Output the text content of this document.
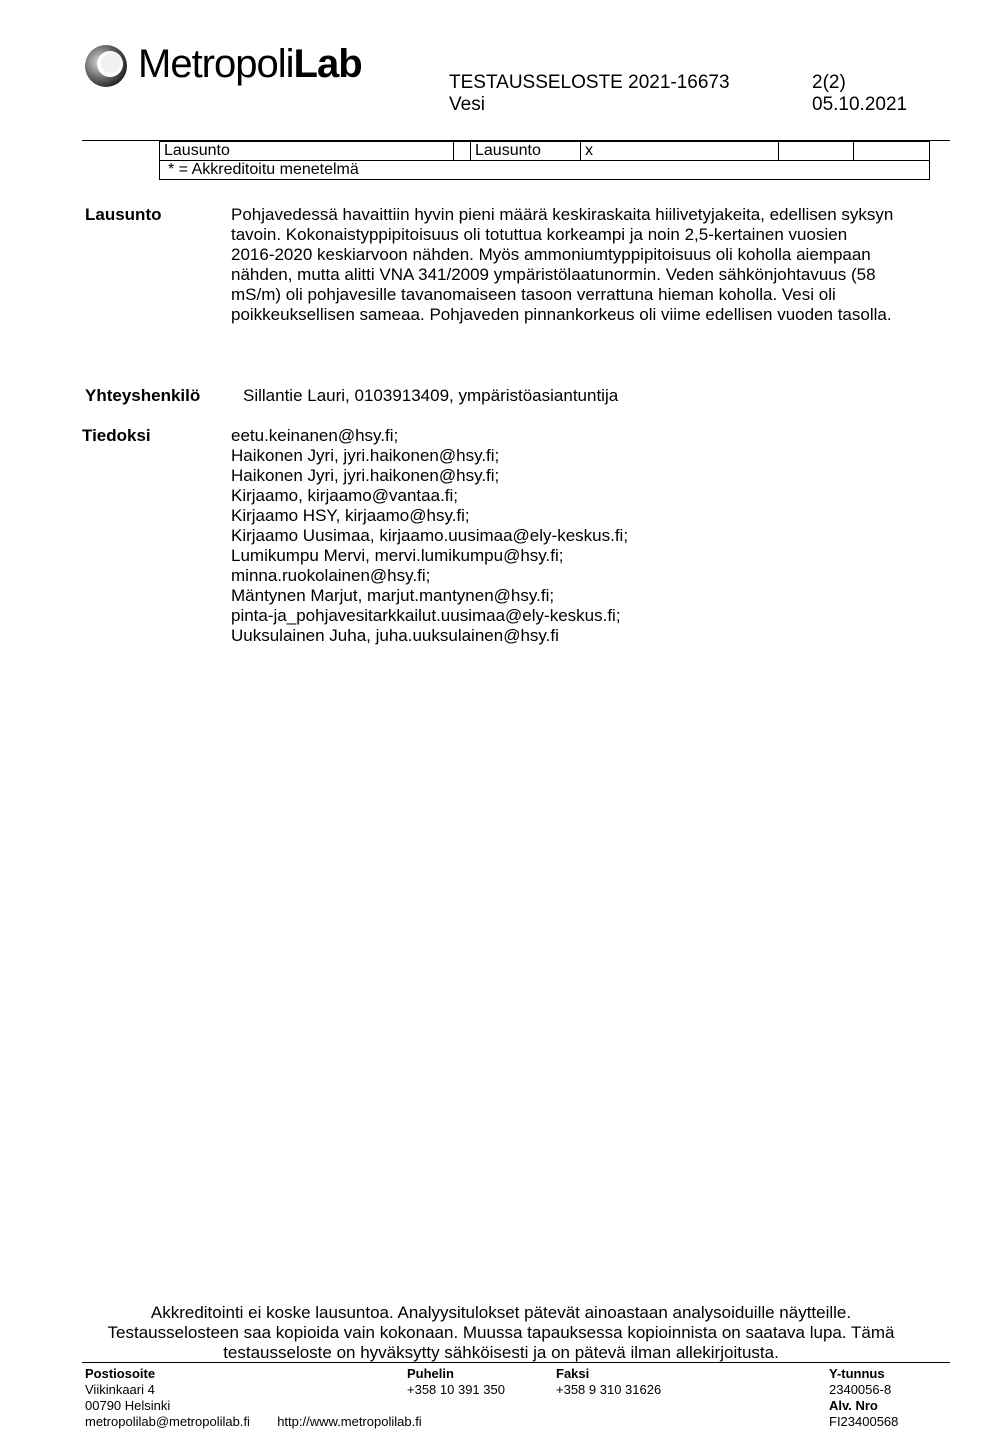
MetropoliLab	TESTAUSSELOSTE 2021-16673
Vesi
2(2)
05.10.2021
Lausunto		Lausunto	x		
* = Akkreditoitu menetelmä
Lausunto	Pohjavedessä havaittiin hyvin pieni määrä keskiraskaita hiilivetyjakeita, edellisen syksyn
tavoin. Kokonaistyppipitoisuus oli totuttua korkeampi ja noin 2,5-kertainen vuosien
2016-2020 keskiarvoon nähden. Myös ammoniumtyppipitoisuus oli koholla aiempaan
nähden, mutta alitti VNA 341/2009 ympäristölaatunormin. Veden sähkönjohtavuus (58
mS/m) oli pohjavesille tavanomaiseen tasoon verrattuna hieman koholla. Vesi oli
poikkeuksellisen sameaa. Pohjaveden pinnankorkeus oli viime edellisen vuoden tasolla.
Yhteyshenkilö	Sillantie Lauri, 0103913409, ympäristöasiantuntija
Tiedoksi	eetu.keinanen@hsy.fi;
Haikonen Jyri, jyri.haikonen@hsy.fi;
Haikonen Jyri, jyri.haikonen@hsy.fi;
Kirjaamo, kirjaamo@vantaa.fi;
Kirjaamo HSY, kirjaamo@hsy.fi;
Kirjaamo Uusimaa, kirjaamo.uusimaa@ely-keskus.fi;
Lumikumpu Mervi, mervi.lumikumpu@hsy.fi;
minna.ruokolainen@hsy.fi;
Mäntynen Marjut, marjut.mantynen@hsy.fi;
pinta-ja_pohjavesitarkkailut.uusimaa@ely-keskus.fi;
Uuksulainen Juha, juha.uuksulainen@hsy.fi
Akkreditointi ei koske lausuntoa. Analyysitulokset pätevät ainoastaan analysoiduille näytteille.
Testausselosteen saa kopioida vain kokonaan. Muussa tapauksessa kopioinnista on saatava lupa. Tämä
testausseloste on hyväksytty sähköisesti ja on pätevä ilman allekirjoitusta.
Postiosoite
Viikinkaari 4
00790 Helsinki
metropolilab@metropolilab.fi http://www.metropolilab.fi
Puhelin
+358 10 391 350
Faksi
+358 9 310 31626
Y-tunnus
2340056-8
Alv. Nro
FI23400568
